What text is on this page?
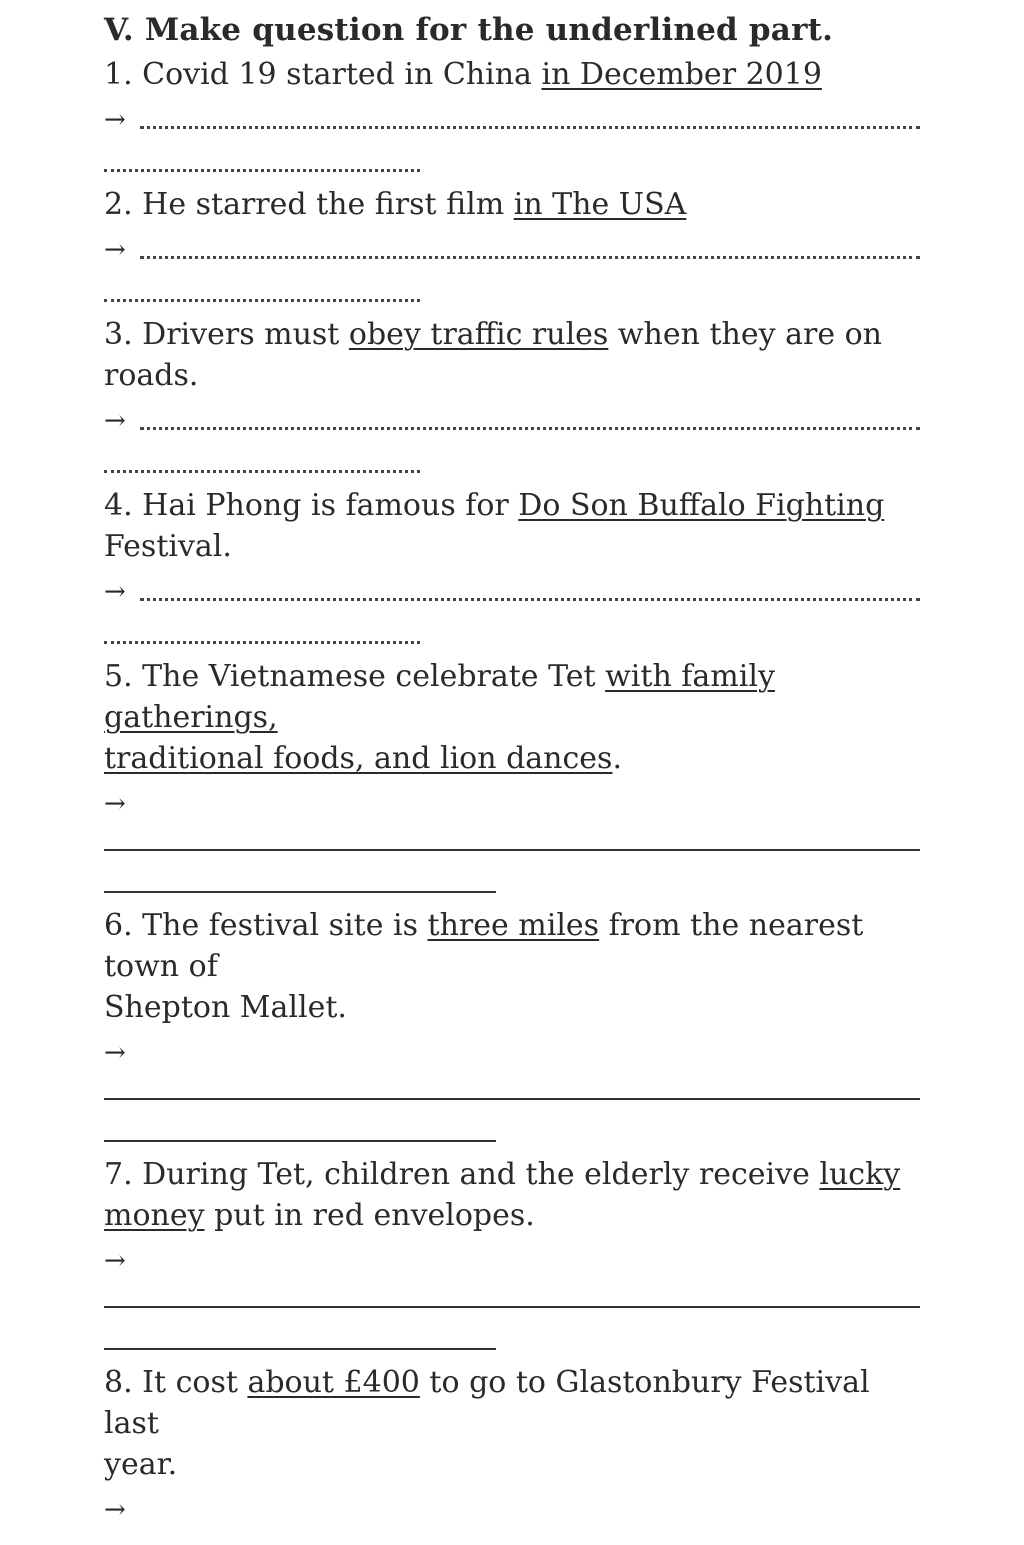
V. Make question for the underlined part.

1. Covid 19 started in China in December 2019

→

2. He starred the first film in The USA

→

3. Drivers must obey traffic rules when they are on roads.

→

4. Hai Phong is famous for Do Son Buffalo Fighting

Festival.

→

5. The Vietnamese celebrate Tet with family gatherings,

traditional foods, and lion dances.

→

6. The festival site is three miles from the nearest town of

Shepton Mallet.

→

7. During Tet, children and the elderly receive lucky

money put in red envelopes.

→

8. It cost about £400 to go to Glastonbury Festival last

year.

→
